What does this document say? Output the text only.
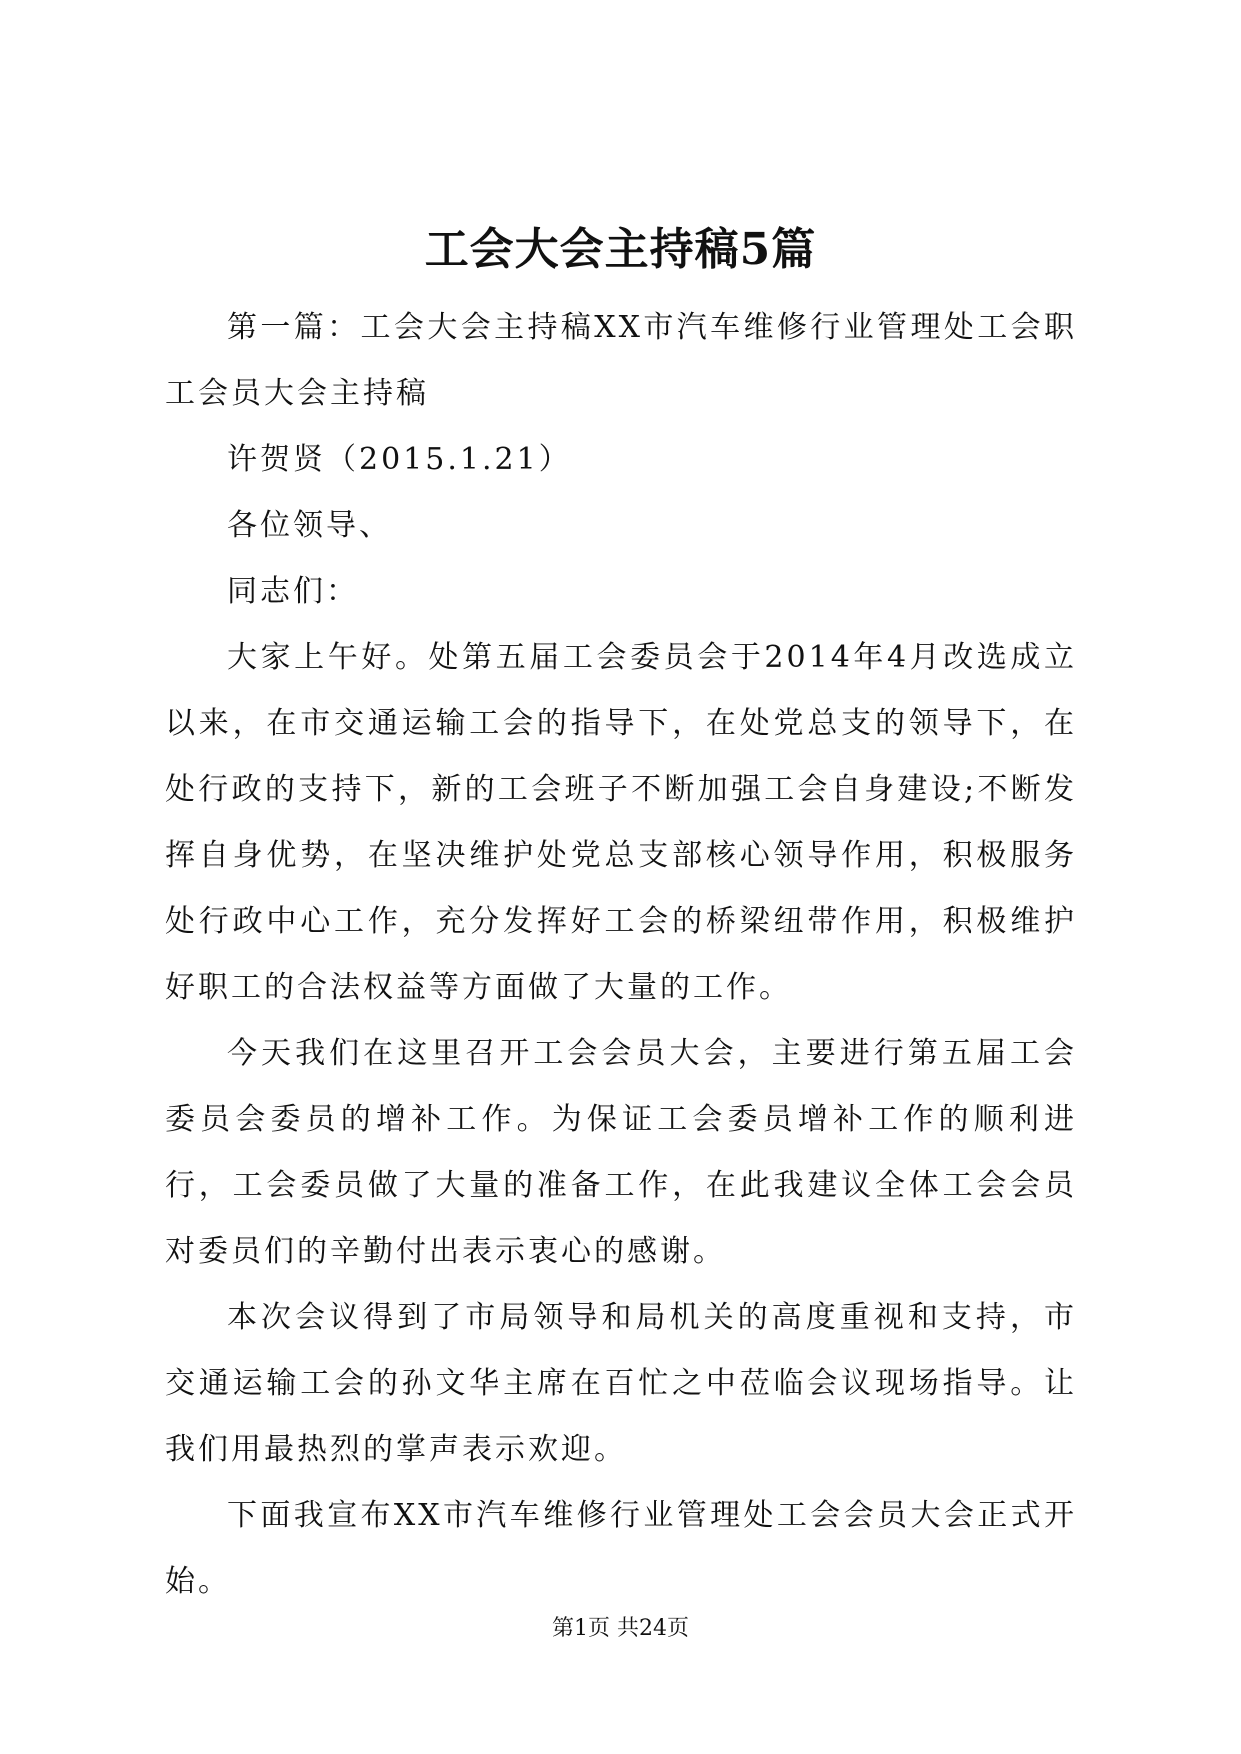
工会大会主持稿5篇

第一篇：工会大会主持稿XX市汽车维修行业管理处工会职工会员大会主持稿

许贺贤（2015.1.21）

各位领导、

同志们：

大家上午好。处第五届工会委员会于2014年4月改选成立以来，在市交通运输工会的指导下，在处党总支的领导下，在处行政的支持下，新的工会班子不断加强工会自身建设;不断发挥自身优势，在坚决维护处党总支部核心领导作用，积极服务处行政中心工作，充分发挥好工会的桥梁纽带作用，积极维护好职工的合法权益等方面做了大量的工作。

今天我们在这里召开工会会员大会，主要进行第五届工会委员会委员的增补工作。为保证工会委员增补工作的顺利进行，工会委员做了大量的准备工作，在此我建议全体工会会员对委员们的辛勤付出表示衷心的感谢。

本次会议得到了市局领导和局机关的高度重视和支持，市交通运输工会的孙文华主席在百忙之中莅临会议现场指导。让我们用最热烈的掌声表示欢迎。

下面我宣布XX市汽车维修行业管理处工会会员大会正式开始。

第1页 共24页
